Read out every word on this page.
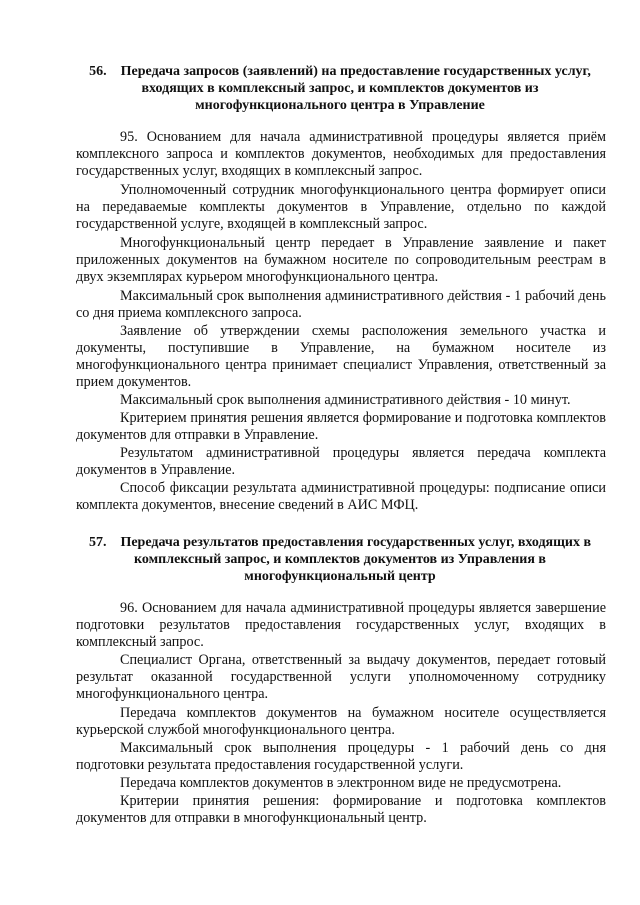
56. Передача запросов (заявлений) на предоставление государственных услуг, входящих в комплексный запрос, и комплектов документов из многофункционального центра в Управление

95. Основанием для начала административной процедуры является приём комплексного запроса и комплектов документов, необходимых для предоставления государственных услуг, входящих в комплексный запрос.

Уполномоченный сотрудник многофункционального центра формирует описи на передаваемые комплекты документов в Управление, отдельно по каждой государственной услуге, входящей в комплексный запрос.

Многофункциональный центр передает в Управление заявление и пакет приложенных документов на бумажном носителе по сопроводительным реестрам в двух экземплярах курьером многофункционального центра.

Максимальный срок выполнения административного действия - 1 рабочий день со дня приема комплексного запроса.

Заявление об утверждении схемы расположения земельного участка и документы, поступившие в Управление, на бумажном носителе из многофункционального центра принимает специалист Управления, ответственный за прием документов.

Максимальный срок выполнения административного действия - 10 минут.

Критерием принятия решения является формирование и подготовка комплектов документов для отправки в Управление.

Результатом административной процедуры является передача комплекта документов в Управление.

Способ фиксации результата административной процедуры: подписание описи комплекта документов, внесение сведений в АИС МФЦ.

57. Передача результатов предоставления государственных услуг, входящих в комплексный запрос, и комплектов документов из Управления в многофункциональный центр

96. Основанием для начала административной процедуры является завершение подготовки результатов предоставления государственных услуг, входящих в комплексный запрос.

Специалист Органа, ответственный за выдачу документов, передает готовый результат оказанной государственной услуги уполномоченному сотруднику многофункционального центра.

Передача комплектов документов на бумажном носителе осуществляется курьерской службой многофункционального центра.

Максимальный срок выполнения процедуры - 1 рабочий день со дня подготовки результата предоставления государственной услуги.

Передача комплектов документов в электронном виде не предусмотрена.

Критерии принятия решения: формирование и подготовка комплектов документов для отправки в многофункциональный центр.
